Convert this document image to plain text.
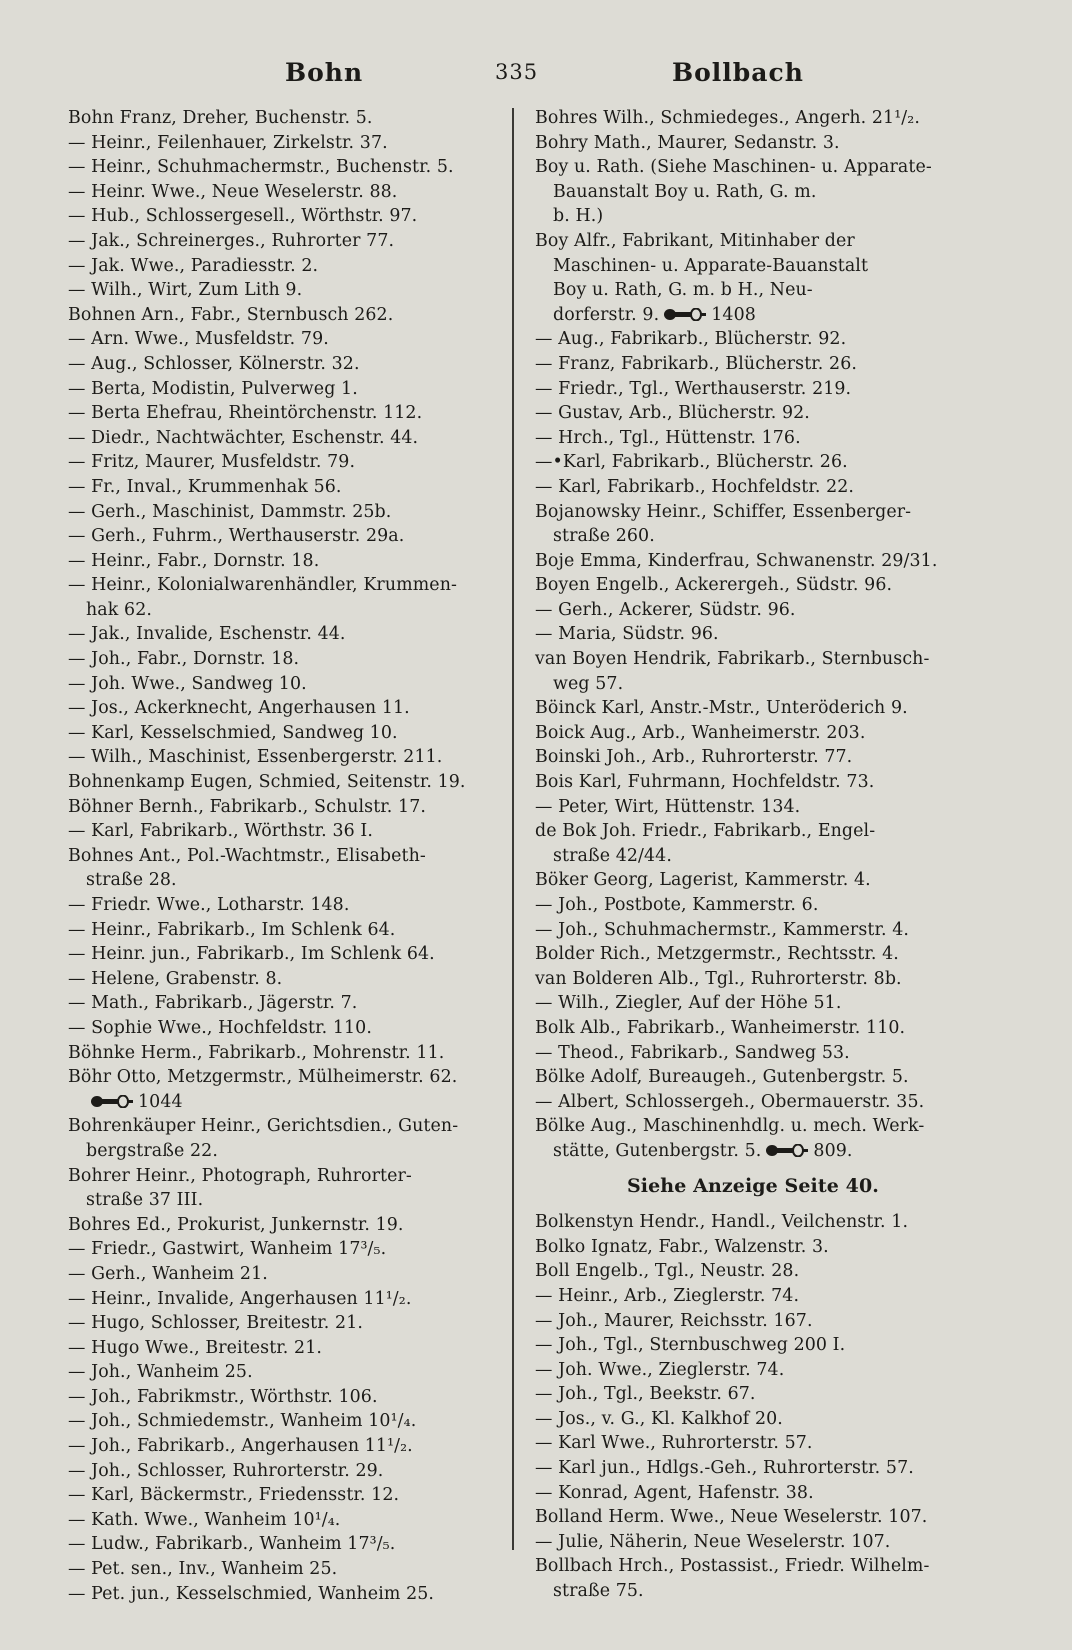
Bohn	335	Bollbach
Bohn Franz, Dreher, Buchenstr. 5.
— Heinr., Feilenhauer, Zirkelstr. 37.
— Heinr., Schuhmachermstr., Buchenstr. 5.
— Heinr. Wwe., Neue Weselerstr. 88.
— Hub., Schlossergesell., Wörthstr. 97.
— Jak., Schreinerges., Ruhrorter 77.
— Jak. Wwe., Paradiesstr. 2.
— Wilh., Wirt, Zum Lith 9.
Bohnen Arn., Fabr., Sternbusch 262.
— Arn. Wwe., Musfeldstr. 79.
— Aug., Schlosser, Kölnerstr. 32.
— Berta, Modistin, Pulverweg 1.
— Berta Ehefrau, Rheintörchenstr. 112.
— Diedr., Nachtwächter, Eschenstr. 44.
— Fritz, Maurer, Musfeldstr. 79.
— Fr., Inval., Krummenhak 56.
— Gerh., Maschinist, Dammstr. 25b.
— Gerh., Fuhrm., Werthauserstr. 29a.
— Heinr., Fabr., Dornstr. 18.
— Heinr., Kolonialwarenhändler, Krummen-
hak 62.
— Jak., Invalide, Eschenstr. 44.
— Joh., Fabr., Dornstr. 18.
— Joh. Wwe., Sandweg 10.
— Jos., Ackerknecht, Angerhausen 11.
— Karl, Kesselschmied, Sandweg 10.
— Wilh., Maschinist, Essenbergerstr. 211.
Bohnenkamp Eugen, Schmied, Seitenstr. 19.
Böhner Bernh., Fabrikarb., Schulstr. 17.
— Karl, Fabrikarb., Wörthstr. 36 I.
Bohnes Ant., Pol.-Wachtmstr., Elisabeth-
straße 28.
— Friedr. Wwe., Lotharstr. 148.
— Heinr., Fabrikarb., Im Schlenk 64.
— Heinr. jun., Fabrikarb., Im Schlenk 64.
— Helene, Grabenstr. 8.
— Math., Fabrikarb., Jägerstr. 7.
— Sophie Wwe., Hochfeldstr. 110.
Böhnke Herm., Fabrikarb., Mohrenstr. 11.
Böhr Otto, Metzgermstr., Mülheimerstr. 62.
1044
Bohrenkäuper Heinr., Gerichtsdien., Guten-
bergstraße 22.
Bohrer Heinr., Photograph, Ruhrorter-
straße 37 III.
Bohres Ed., Prokurist, Junkernstr. 19.
— Friedr., Gastwirt, Wanheim 17³/₅.
— Gerh., Wanheim 21.
— Heinr., Invalide, Angerhausen 11¹/₂.
— Hugo, Schlosser, Breitestr. 21.
— Hugo Wwe., Breitestr. 21.
— Joh., Wanheim 25.
— Joh., Fabrikmstr., Wörthstr. 106.
— Joh., Schmiedemstr., Wanheim 10¹/₄.
— Joh., Fabrikarb., Angerhausen 11¹/₂.
— Joh., Schlosser, Ruhrorterstr. 29.
— Karl, Bäckermstr., Friedensstr. 12.
— Kath. Wwe., Wanheim 10¹/₄.
— Ludw., Fabrikarb., Wanheim 17³/₅.
— Pet. sen., Inv., Wanheim 25.
— Pet. jun., Kesselschmied, Wanheim 25.
Bohres Wilh., Schmiedeges., Angerh. 21¹/₂.
Bohry Math., Maurer, Sedanstr. 3.
Boy u. Rath. (Siehe Maschinen- u. Apparate-
Bauanstalt Boy u. Rath, G. m.
b. H.)
Boy Alfr., Fabrikant, Mitinhaber der
Maschinen- u. Apparate-Bauanstalt
Boy u. Rath, G. m. b H., Neu-
dorferstr. 9.	1408
— Aug., Fabrikarb., Blücherstr. 92.
— Franz, Fabrikarb., Blücherstr. 26.
— Friedr., Tgl., Werthauserstr. 219.
— Gustav, Arb., Blücherstr. 92.
— Hrch., Tgl., Hüttenstr. 176.
—•Karl, Fabrikarb., Blücherstr. 26.
— Karl, Fabrikarb., Hochfeldstr. 22.
Bojanowsky Heinr., Schiffer, Essenberger-
straße 260.
Boje Emma, Kinderfrau, Schwanenstr. 29/31.
Boyen Engelb., Ackerergeh., Südstr. 96.
— Gerh., Ackerer, Südstr. 96.
— Maria, Südstr. 96.
van Boyen Hendrik, Fabrikarb., Sternbusch-
weg 57.
Böinck Karl, Anstr.-Mstr., Unteröderich 9.
Boick Aug., Arb., Wanheimerstr. 203.
Boinski Joh., Arb., Ruhrorterstr. 77.
Bois Karl, Fuhrmann, Hochfeldstr. 73.
— Peter, Wirt, Hüttenstr. 134.
de Bok Joh. Friedr., Fabrikarb., Engel-
straße 42/44.
Böker Georg, Lagerist, Kammerstr. 4.
— Joh., Postbote, Kammerstr. 6.
— Joh., Schuhmachermstr., Kammerstr. 4.
Bolder Rich., Metzgermstr., Rechtsstr. 4.
van Bolderen Alb., Tgl., Ruhrorterstr. 8b.
— Wilh., Ziegler, Auf der Höhe 51.
Bolk Alb., Fabrikarb., Wanheimerstr. 110.
— Theod., Fabrikarb., Sandweg 53.
Bölke Adolf, Bureaugeh., Gutenbergstr. 5.
— Albert, Schlossergeh., Obermauerstr. 35.
Bölke Aug., Maschinenhdlg. u. mech. Werk-
stätte, Gutenbergstr. 5.	809.
Siehe Anzeige Seite 40.
Bolkenstyn Hendr., Handl., Veilchenstr. 1.
Bolko Ignatz, Fabr., Walzenstr. 3.
Boll Engelb., Tgl., Neustr. 28.
— Heinr., Arb., Zieglerstr. 74.
— Joh., Maurer, Reichsstr. 167.
— Joh., Tgl., Sternbuschweg 200 I.
— Joh. Wwe., Zieglerstr. 74.
— Joh., Tgl., Beekstr. 67.
— Jos., v. G., Kl. Kalkhof 20.
— Karl Wwe., Ruhrorterstr. 57.
— Karl jun., Hdlgs.-Geh., Ruhrorterstr. 57.
— Konrad, Agent, Hafenstr. 38.
Bolland Herm. Wwe., Neue Weselerstr. 107.
— Julie, Näherin, Neue Weselerstr. 107.
Bollbach Hrch., Postassist., Friedr. Wilhelm-
straße 75.
